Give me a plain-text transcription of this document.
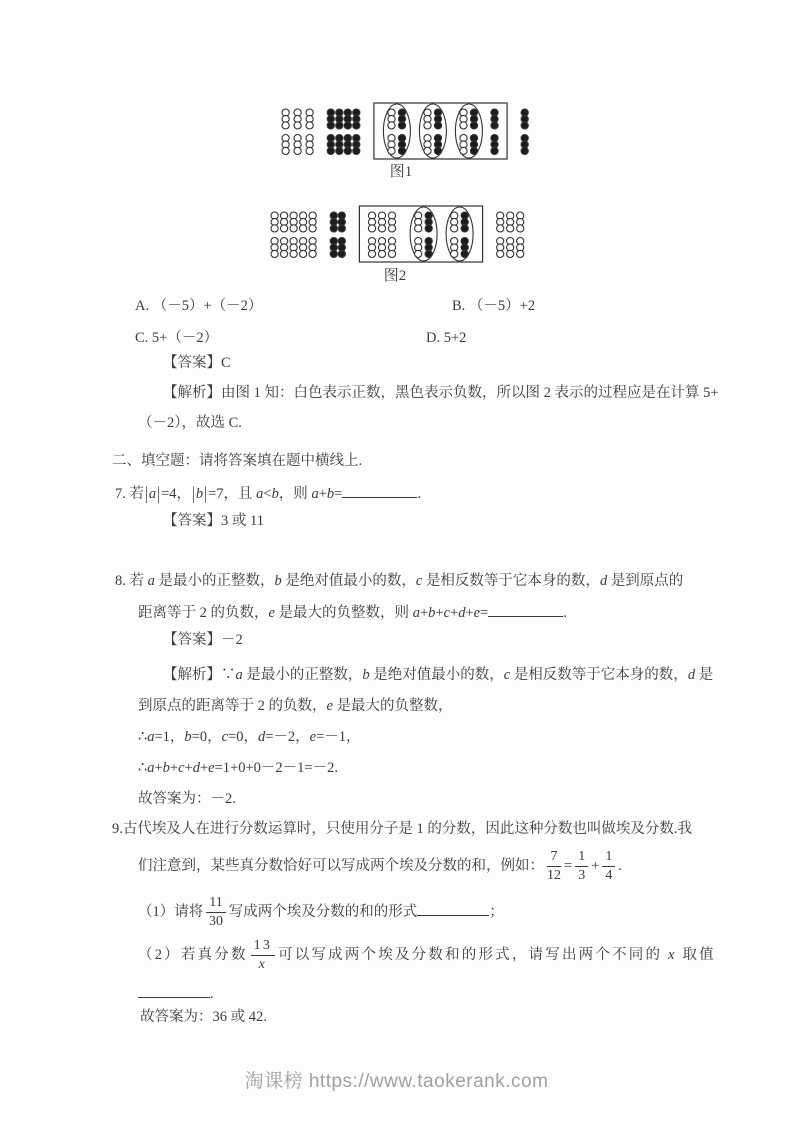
图1
图2
A. （－5）+（－2）	B. （－5）+2
C. 5+（－2）	D. 5+2
【答案】C
【解析】由图 1 知：白色表示正数，黑色表示负数，所以图 2 表示的过程应是在计算 5+
（－2），故选 C.
二、填空题：请将答案填在题中横线上.
7. 若|a|=4，|b|=7，且 a<b，则 a+b=	.
【答案】3 或 11
8. 若 a 是最小的正整数，b 是绝对值最小的数，c 是相反数等于它本身的数，d 是到原点的
距离等于 2 的负数，e 是最大的负整数，则 a+b+c+d+e=	.
【答案】－2
【解析】∵a 是最小的正整数，b 是绝对值最小的数，c 是相反数等于它本身的数，d 是
到原点的距离等于 2 的负数，e 是最大的负整数，
∴a=1，b=0，c=0，d=－2，e=－1，
∴a+b+c+d+e=1+0+0－2－1=－2.
故答案为：－2.
9.古代埃及人在进行分数运算时，只使用分子是 1 的分数，因此这种分数也叫做埃及分数.我
们注意到，某些真分数恰好可以写成两个埃及分数的和，例如： $\frac{7}{12} = \frac{1}{3} + \frac{1}{4}$ .
（1）请将 $\frac{11}{30}$ 写成两个埃及分数的和的形式	；
（2）若真分数 $\frac{13}{x}$ 可以写成两个埃及分数和的形式，请写出两个不同的 x 取值
.
故答案为：36 或 42.
淘课榜 https://www.taokerank.com
